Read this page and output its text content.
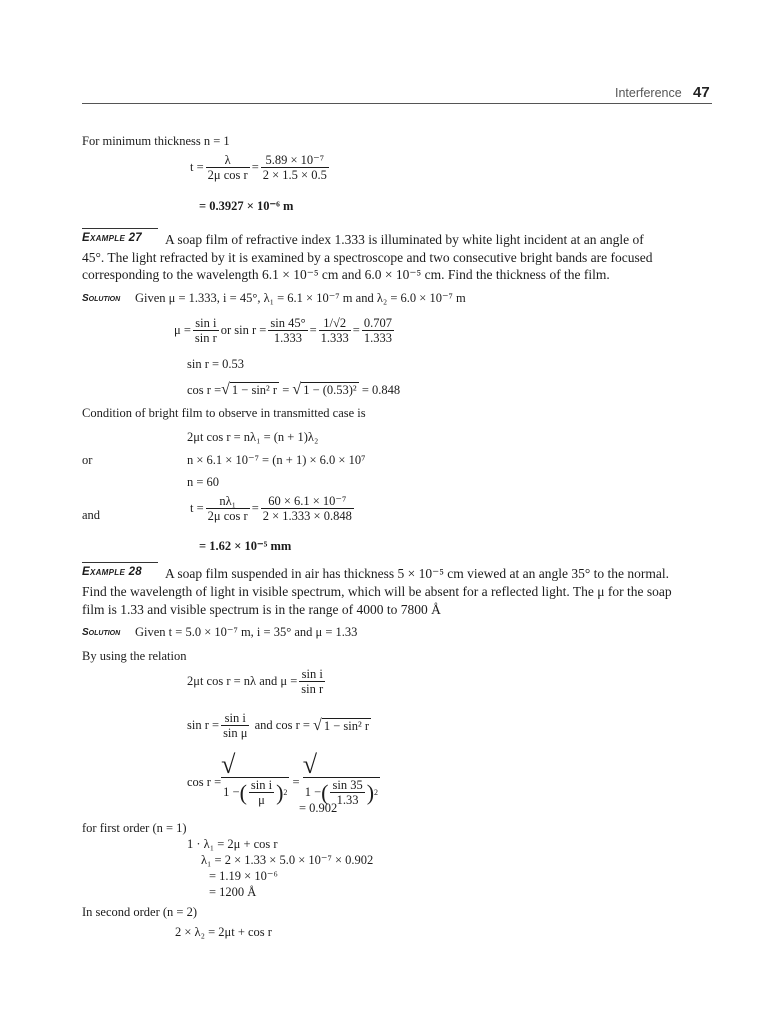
Interference 47
For minimum thickness n = 1
$t = \frac{\lambda}{\text{2μ cos r}} = \frac{\text{5.89 × 10⁻⁷}}{2 \times 1.5 \times 0.5}$
= 0.3927 × 10⁻⁶ m
Example 27 A soap film of refractive index 1.333 is illuminated by white light incident at an angle of
45°. The light refracted by it is examined by a spectroscope and two consecutive bright bands are focused
corresponding to the wavelength 6.1 × 10⁻⁵ cm and 6.0 × 10⁻⁵ cm. Find the thickness of the film.
Solution Given μ = 1.333, i = 45°, λ₁ = 6.1 × 10⁻⁷ m and λ₂ = 6.0 × 10⁻⁷ m
$\mu = \frac{\text{sin i}}{\text{sin r}}$ or $\sin r = \frac{\sin 45^\circ}{1.333} = \frac{1/√2}{1.333} = \frac{0.707}{1.333}$
sin r = 0.53
cos r = √ 1 − sin² r = √ 1 − (0.53)²
= 0.848
Condition of bright film to observe in transmitted case is
2μt cos r = nλ₁ = (n + 1)λ₂
or	n × 6.1 × 10⁻⁷ = (n + 1) × 6.0 × 10⁷
n = 60
and	$t = \frac{\text{nλ₁}}{\text{2μ cos r}} = \frac{\text{60 × 6.1 × 10⁻⁷}}{2 \times 1.333 \times 0.848}$
= 1.62 × 10⁻⁵ mm
Example 28 A soap film suspended in air has thickness 5 × 10⁻⁵ cm viewed at an angle 35° to the normal.
Find the wavelength of light in visible spectrum, which will be absent for a reflected light. The μ for the soap
film is 1.33 and visible spectrum is in the range of 4000 to 7800 Å
Solution Given t = 5.0 × 10⁻⁷ m, i = 35° and μ = 1.33
By using the relation
2μt cos r = nλ and $\mu = \frac{\text{sin i}}{\text{sin r}}$
$\sin r = \frac{\text{sin i}}{\text{sin μ}}$
and cos r =
√ 1 − sin² r
cos r =
√
1 − ( $\frac{\text{sin i}}{\mu}$ ) 2
=
√
1 − ( $\frac{\sin 35}{1.33}$ ) 2
= 0.902
for first order (n = 1)
1 · λ₁ = 2μ + cos r
λ₁ = 2 × 1.33 × 5.0 × 10⁻⁷ × 0.902
= 1.19 × 10⁻⁶
= 1200 Å
In second order (n = 2)
2 × λ₂ = 2μt + cos r
